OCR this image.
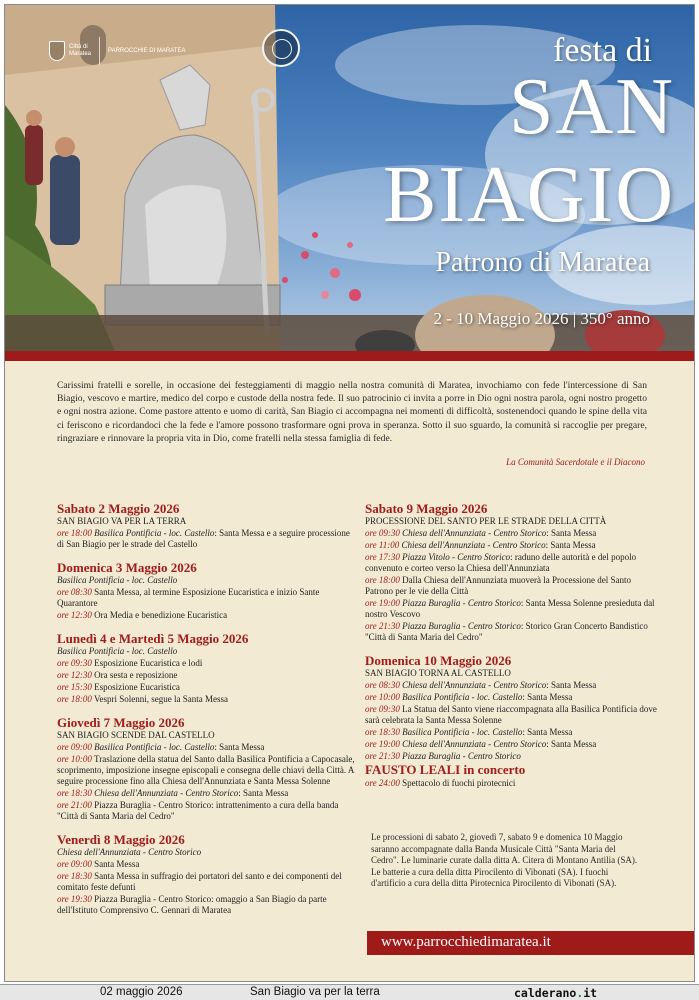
Città di
Maratea
PARROCCHIE DI MARATEA	festa di
SAN
BIAGIO
Patrono di Maratea
2 - 10 Maggio 2026 | 350° anno

Carissimi fratelli e sorelle, in occasione dei festeggiamenti di maggio nella nostra comunità di Maratea, invochiamo con fede l'intercessione di San Biagio, vescovo e martire, medico del corpo e custode della nostra fede. Il suo patrocinio ci invita a porre in Dio ogni nostra parola, ogni nostro progetto e ogni nostra azione. Come pastore attento e uomo di carità, San Biagio ci accompagna nei momenti di difficoltà, sostenendoci quando le spine della vita ci feriscono e ricordandoci che la fede e l'amore possono trasformare ogni prova in speranza. Sotto il suo sguardo, la comunità si raccoglie per pregare, ringraziare e rinnovare la propria vita in Dio, come fratelli nella stessa famiglia di fede.

La Comunità Sacerdotale e il Diacono
Sabato 2 Maggio 2026
SAN BIAGIO VA PER LA TERRA
ore 18:00 Basilica Pontificia - loc. Castello: Santa Messa e a seguire processione di San Biagio per le strade del Castello
Domenica 3 Maggio 2026
Basilica Pontificia - loc. Castello
ore 08:30 Santa Messa, al termine Esposizione Eucaristica e inizio Sante Quarantore
ore 12:30 Ora Media e benedizione Eucaristica
Lunedì 4 e Martedì 5 Maggio 2026
Basilica Pontificia - loc. Castello
ore 09:30 Esposizione Eucaristica e lodi
ore 12:30 Ora sesta e reposizione
ore 15:30 Esposizione Eucaristica
ore 18:00 Vespri Solenni, segue la Santa Messa
Giovedì 7 Maggio 2026
SAN BIAGIO SCENDE DAL CASTELLO
ore 09:00 Basilica Pontificia - loc. Castello: Santa Messa
ore 10:00 Traslazione della statua del Santo dalla Basilica Pontificia a Capocasale, scoprimento, imposizione insegne episcopali e consegna delle chiavi della Città. A seguire processione fino alla Chiesa dell'Annunziata e Santa Messa Solenne
ore 18:30 Chiesa dell'Annunziata - Centro Storico: Santa Messa
ore 21:00 Piazza Buraglia - Centro Storico: intrattenimento a cura della banda "Città di Santa Maria del Cedro"
Venerdì 8 Maggio 2026
Chiesa dell'Annunziata - Centro Storico
ore 09:00 Santa Messa
ore 18:30 Santa Messa in suffragio dei portatori del santo e dei componenti del comitato feste defunti
ore 19:30 Piazza Buraglia - Centro Storico: omaggio a San Biagio da parte dell'Istituto Comprensivo C. Gennari di Maratea
Sabato 9 Maggio 2026
PROCESSIONE DEL SANTO PER LE STRADE DELLA CITTÀ
ore 09:30 Chiesa dell'Annunziata - Centro Storico: Santa Messa
ore 11:00 Chiesa dell'Annunziata - Centro Storico: Santa Messa
ore 17:30 Piazza Vitolo - Centro Storico: raduno delle autorità e del popolo convenuto e corteo verso la Chiesa dell'Annunziata
ore 18:00 Dalla Chiesa dell'Annunziata muoverà la Processione del Santo Patrono per le vie della Città
ore 19:00 Piazza Buraglia - Centro Storico: Santa Messa Solenne presieduta dal nostro Vescovo
ore 21:30 Piazza Buraglia - Centro Storico: Storico Gran Concerto Bandistico "Città di Santa Maria del Cedro"
Domenica 10 Maggio 2026
SAN BIAGIO TORNA AL CASTELLO
ore 08:30 Chiesa dell'Annunziata - Centro Storico: Santa Messa
ore 10:00 Basilica Pontificia - loc. Castello: Santa Messa
ore 09:30 La Statua del Santo viene riaccompagnata alla Basilica Pontificia dove sarà celebrata la Santa Messa Solenne
ore 18:30 Basilica Pontificia - loc. Castello: Santa Messa
ore 19:00 Chiesa dell'Annunziata - Centro Storico: Santa Messa
ore 21:30 Piazza Buraglia - Centro Storico
FAUSTO LEALI in concerto
ore 24:00 Spettacolo di fuochi pirotecnici
Le processioni di sabato 2, giovedì 7, sabato 9 e domenica 10 Maggio saranno accompagnate dalla Banda Musicale Città "Santa Maria del Cedro". Le luminarie curate dalla ditta A. Citera di Montano Antilia (SA). Le batterie a cura della ditta Pirocilento di Vibonati (SA). I fuochi d'artificio a cura della ditta Pirotecnica Pirocilento di Vibonati (SA).
www.parrocchiedimaratea.it
02 maggio 2026	San Biagio va per la terra	calderano.it
